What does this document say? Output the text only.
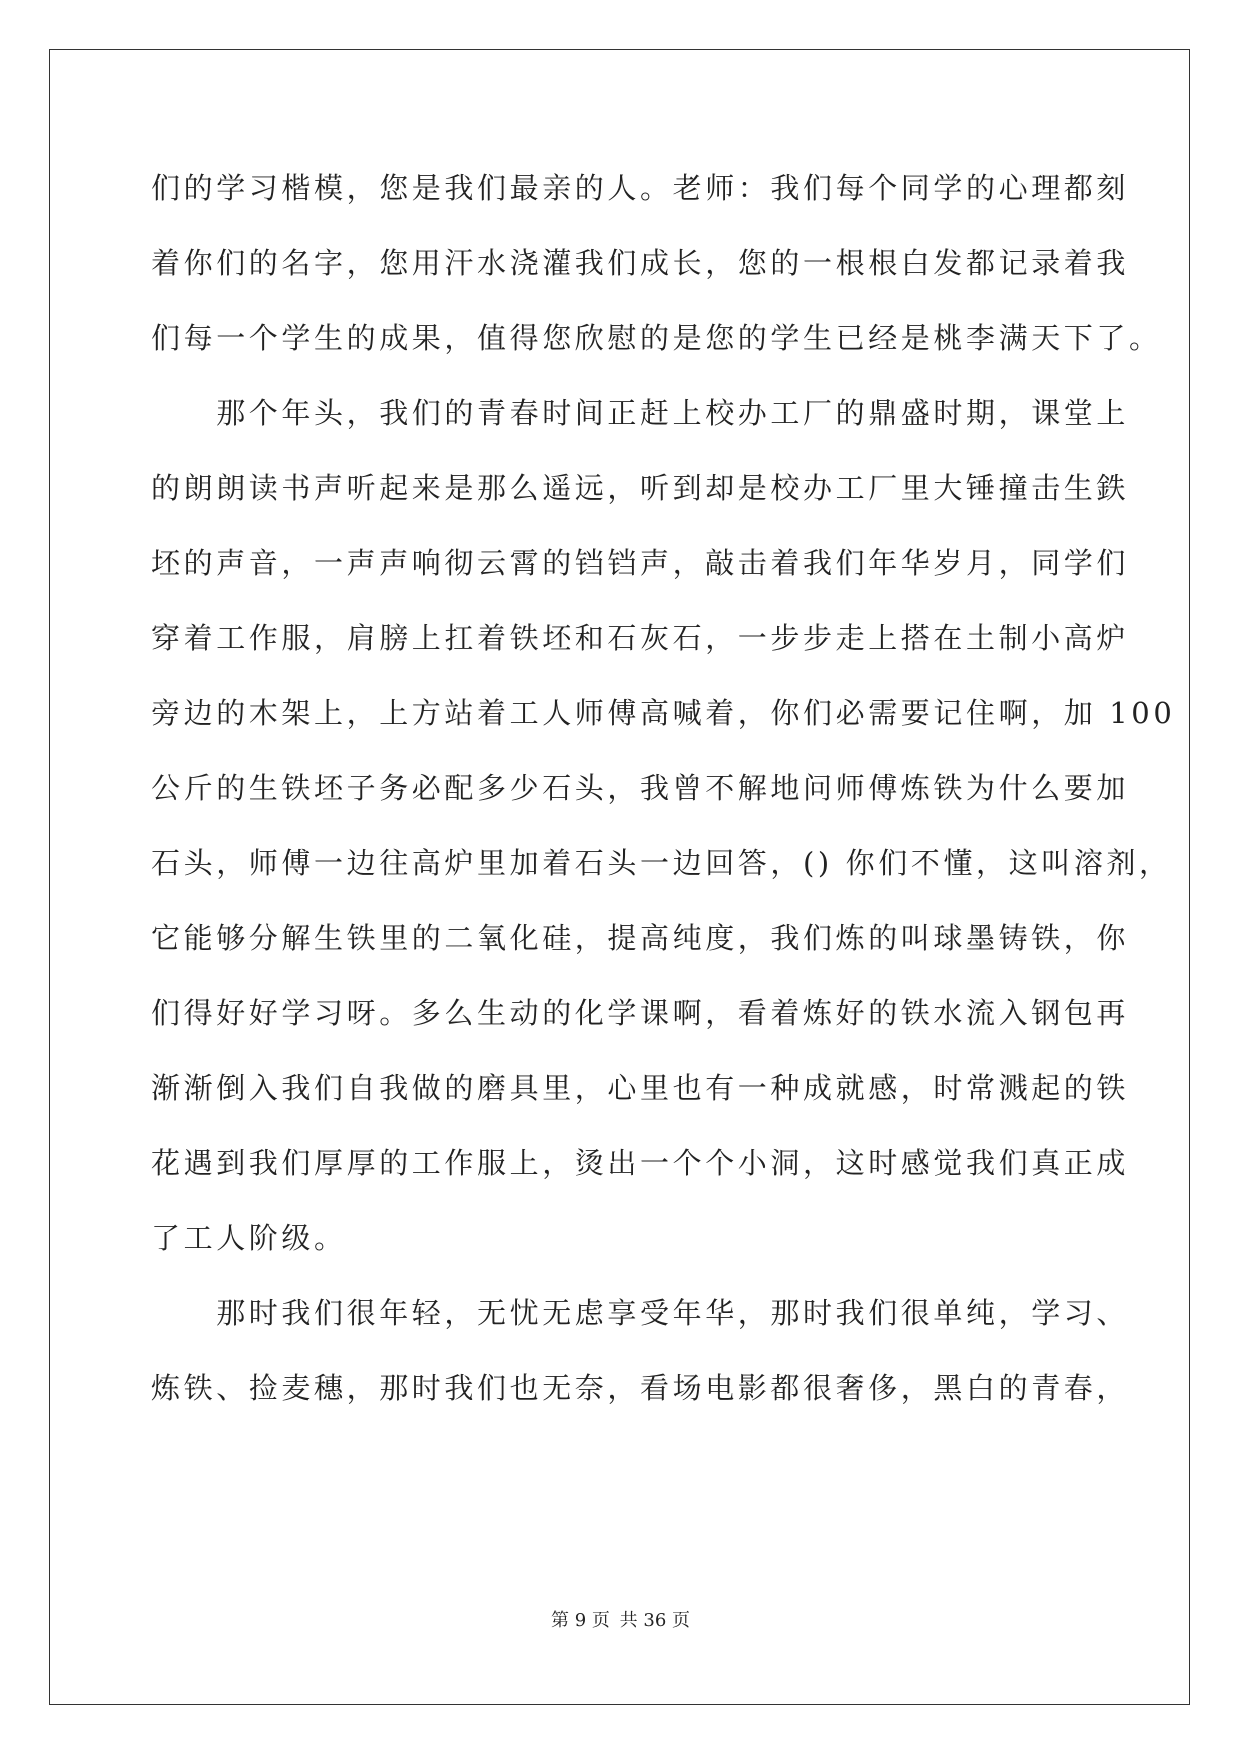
们的学习楷模，您是我们最亲的人。老师：我们每个同学的心理都刻
着你们的名字，您用汗水浇灌我们成长，您的一根根白发都记录着我
们每一个学生的成果，值得您欣慰的是您的学生已经是桃李满天下了。
　　那个年头，我们的青春时间正赶上校办工厂的鼎盛时期，课堂上
的朗朗读书声听起来是那么遥远，听到却是校办工厂里大锤撞击生鉄
坯的声音，一声声响彻云霄的铛铛声，敲击着我们年华岁月，同学们
穿着工作服，肩膀上扛着铁坯和石灰石，一步步走上搭在土制小高炉
旁边的木架上，上方站着工人师傅高喊着，你们必需要记住啊，加 100
公斤的生铁坯子务必配多少石头，我曾不解地问师傅炼铁为什么要加
石头，师傅一边往高炉里加着石头一边回答，() 你们不懂，这叫溶剂，
它能够分解生铁里的二氧化硅，提高纯度，我们炼的叫球墨铸铁，你
们得好好学习呀。多么生动的化学课啊，看着炼好的铁水流入钢包再
渐渐倒入我们自我做的磨具里，心里也有一种成就感，时常溅起的铁
花遇到我们厚厚的工作服上，烫出一个个小洞，这时感觉我们真正成
了工人阶级。
　　那时我们很年轻，无忧无虑享受年华，那时我们很单纯，学习、
炼铁、捡麦穗，那时我们也无奈，看场电影都很奢侈，黑白的青春，
第 9 页 共 36 页
